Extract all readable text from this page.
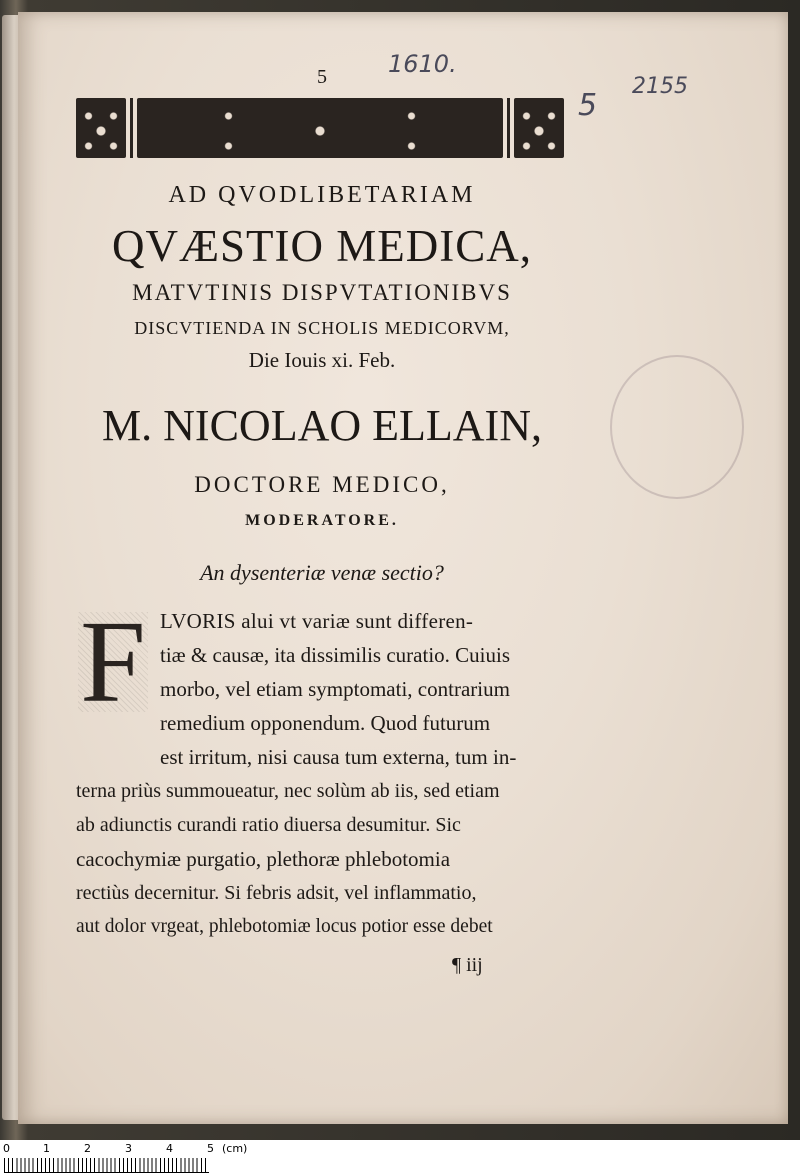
1610.
2155
5
5
AD QVODLIBETARIAM
QVÆSTIO MEDICA,
MATVTINIS DISPVTATIONIBVS
DISCVTIENDA IN SCHOLIS MEDICORVM,
Die Iouis xi. Feb.
M. NICOLAO ELLAIN,
DOCTORE MEDICO,
MODERATORE.
An dysenteriæ venæ sectio?
F LVORIS alui vt variæ sunt differen-
tiæ & causæ, ita dissimilis curatio. Cuiuis
morbo, vel etiam symptomati, contrarium
remedium opponendum. Quod futurum
est irritum, nisi causa tum externa, tum in-
terna priùs summoueatur, nec solùm ab iis, sed etiam
ab adiunctis curandi ratio diuersa desumitur. Sic
cacochymiæ purgatio, plethoræ phlebotomia
rectiùs decernitur. Si febris adsit, vel inflammatio,
aut dolor vrgeat, phlebotomiæ locus potior esse debet
¶ iij
0	1	2	3	4	5 (cm)
